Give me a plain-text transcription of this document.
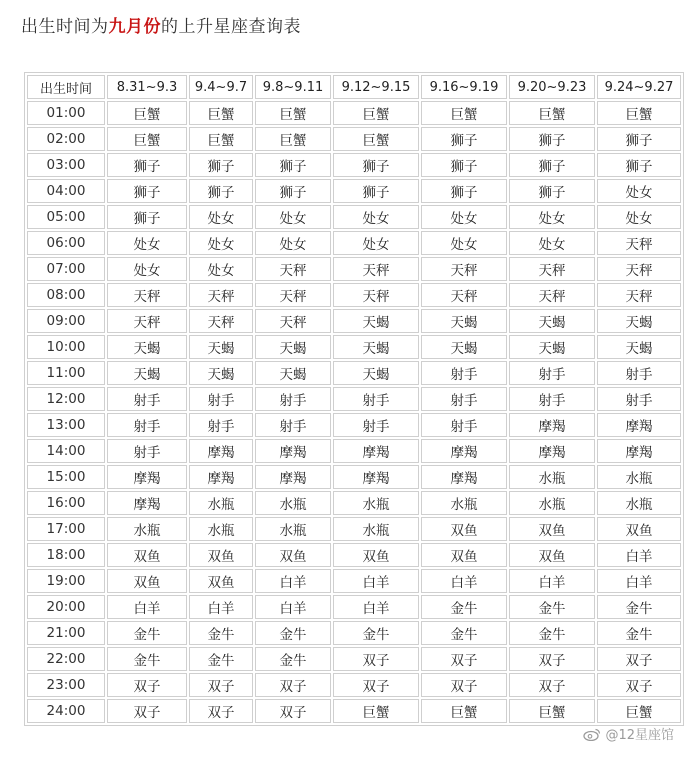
出生时间为九月份的上升星座查询表
出生时间	8.31~9.3	9.4~9.7	9.8~9.11	9.12~9.15	9.16~9.19	9.20~9.23	9.24~9.27
01:00	巨蟹	巨蟹	巨蟹	巨蟹	巨蟹	巨蟹	巨蟹
02:00	巨蟹	巨蟹	巨蟹	巨蟹	狮子	狮子	狮子
03:00	狮子	狮子	狮子	狮子	狮子	狮子	狮子
04:00	狮子	狮子	狮子	狮子	狮子	狮子	处女
05:00	狮子	处女	处女	处女	处女	处女	处女
06:00	处女	处女	处女	处女	处女	处女	天秤
07:00	处女	处女	天秤	天秤	天秤	天秤	天秤
08:00	天秤	天秤	天秤	天秤	天秤	天秤	天秤
09:00	天秤	天秤	天秤	天蝎	天蝎	天蝎	天蝎
10:00	天蝎	天蝎	天蝎	天蝎	天蝎	天蝎	天蝎
11:00	天蝎	天蝎	天蝎	天蝎	射手	射手	射手
12:00	射手	射手	射手	射手	射手	射手	射手
13:00	射手	射手	射手	射手	射手	摩羯	摩羯
14:00	射手	摩羯	摩羯	摩羯	摩羯	摩羯	摩羯
15:00	摩羯	摩羯	摩羯	摩羯	摩羯	水瓶	水瓶
16:00	摩羯	水瓶	水瓶	水瓶	水瓶	水瓶	水瓶
17:00	水瓶	水瓶	水瓶	水瓶	双鱼	双鱼	双鱼
18:00	双鱼	双鱼	双鱼	双鱼	双鱼	双鱼	白羊
19:00	双鱼	双鱼	白羊	白羊	白羊	白羊	白羊
20:00	白羊	白羊	白羊	白羊	金牛	金牛	金牛
21:00	金牛	金牛	金牛	金牛	金牛	金牛	金牛
22:00	金牛	金牛	金牛	双子	双子	双子	双子
23:00	双子	双子	双子	双子	双子	双子	双子
24:00	双子	双子	双子	巨蟹	巨蟹	巨蟹	巨蟹
@12星座馆
